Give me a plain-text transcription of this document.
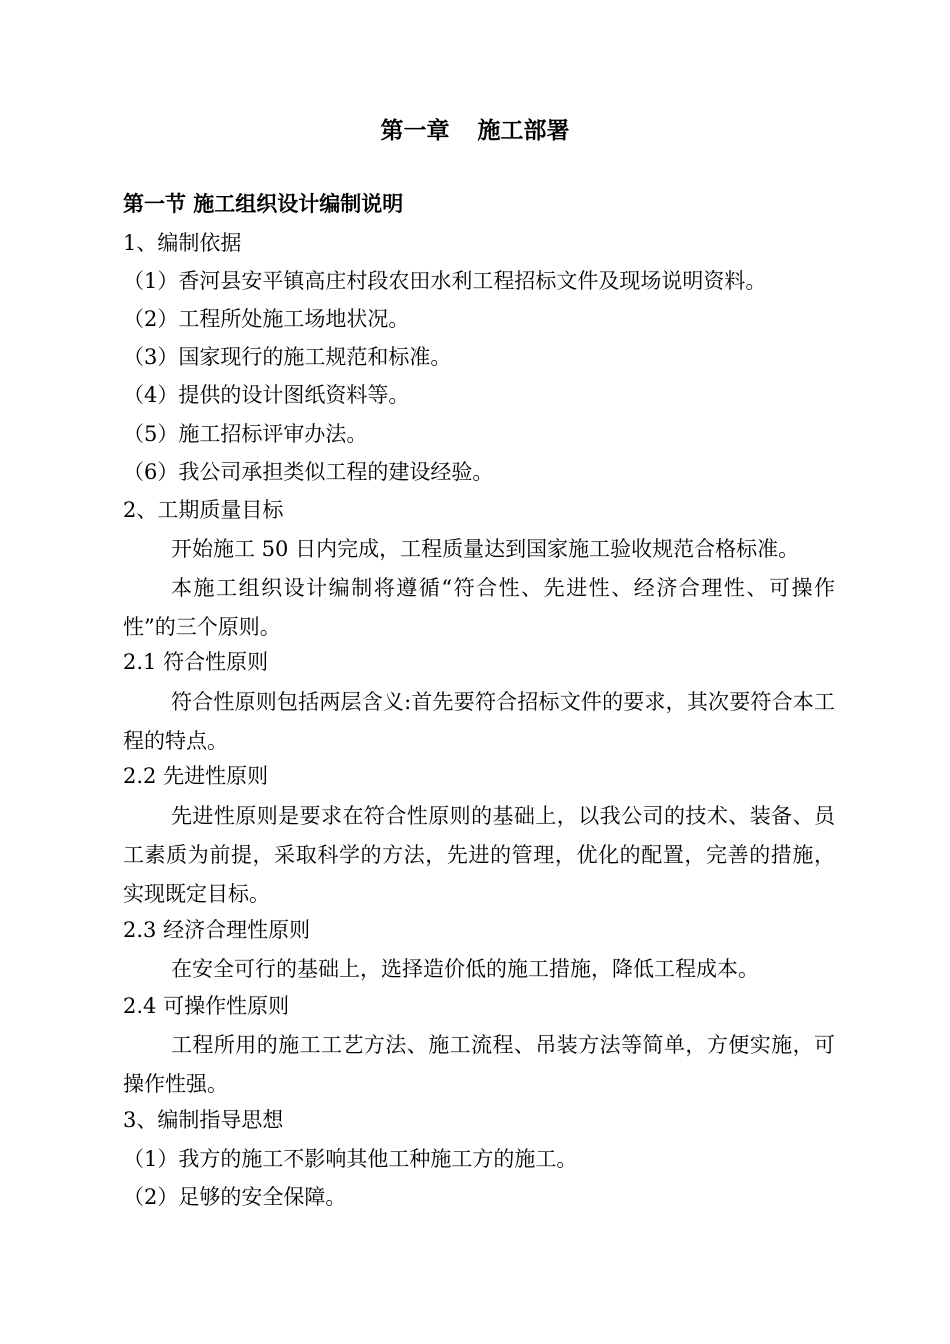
第一章 施工部署
第一节 施工组织设计编制说明
1、编制依据
（1）香河县安平镇高庄村段农田水利工程招标文件及现场说明资料。
（2）工程所处施工场地状况。
（3）国家现行的施工规范和标准。
（4）提供的设计图纸资料等。
（5）施工招标评审办法。
（6）我公司承担类似工程的建设经验。
2、工期质量目标
开始施工 50 日内完成，工程质量达到国家施工验收规范合格标准。
本施工组织设计编制将遵循“符合性、先进性、经济合理性、可操作性”的三个原则。
2.1 符合性原则
符合性原则包括两层含义:首先要符合招标文件的要求，其次要符合本工程的特点。
2.2 先进性原则
先进性原则是要求在符合性原则的基础上，以我公司的技术、装备、员工素质为前提，采取科学的方法，先进的管理，优化的配置，完善的措施，实现既定目标。
2.3 经济合理性原则
在安全可行的基础上，选择造价低的施工措施，降低工程成本。
2.4 可操作性原则
工程所用的施工工艺方法、施工流程、吊装方法等简单，方便实施，可操作性强。
3、编制指导思想
（1）我方的施工不影响其他工种施工方的施工。
（2）足够的安全保障。
